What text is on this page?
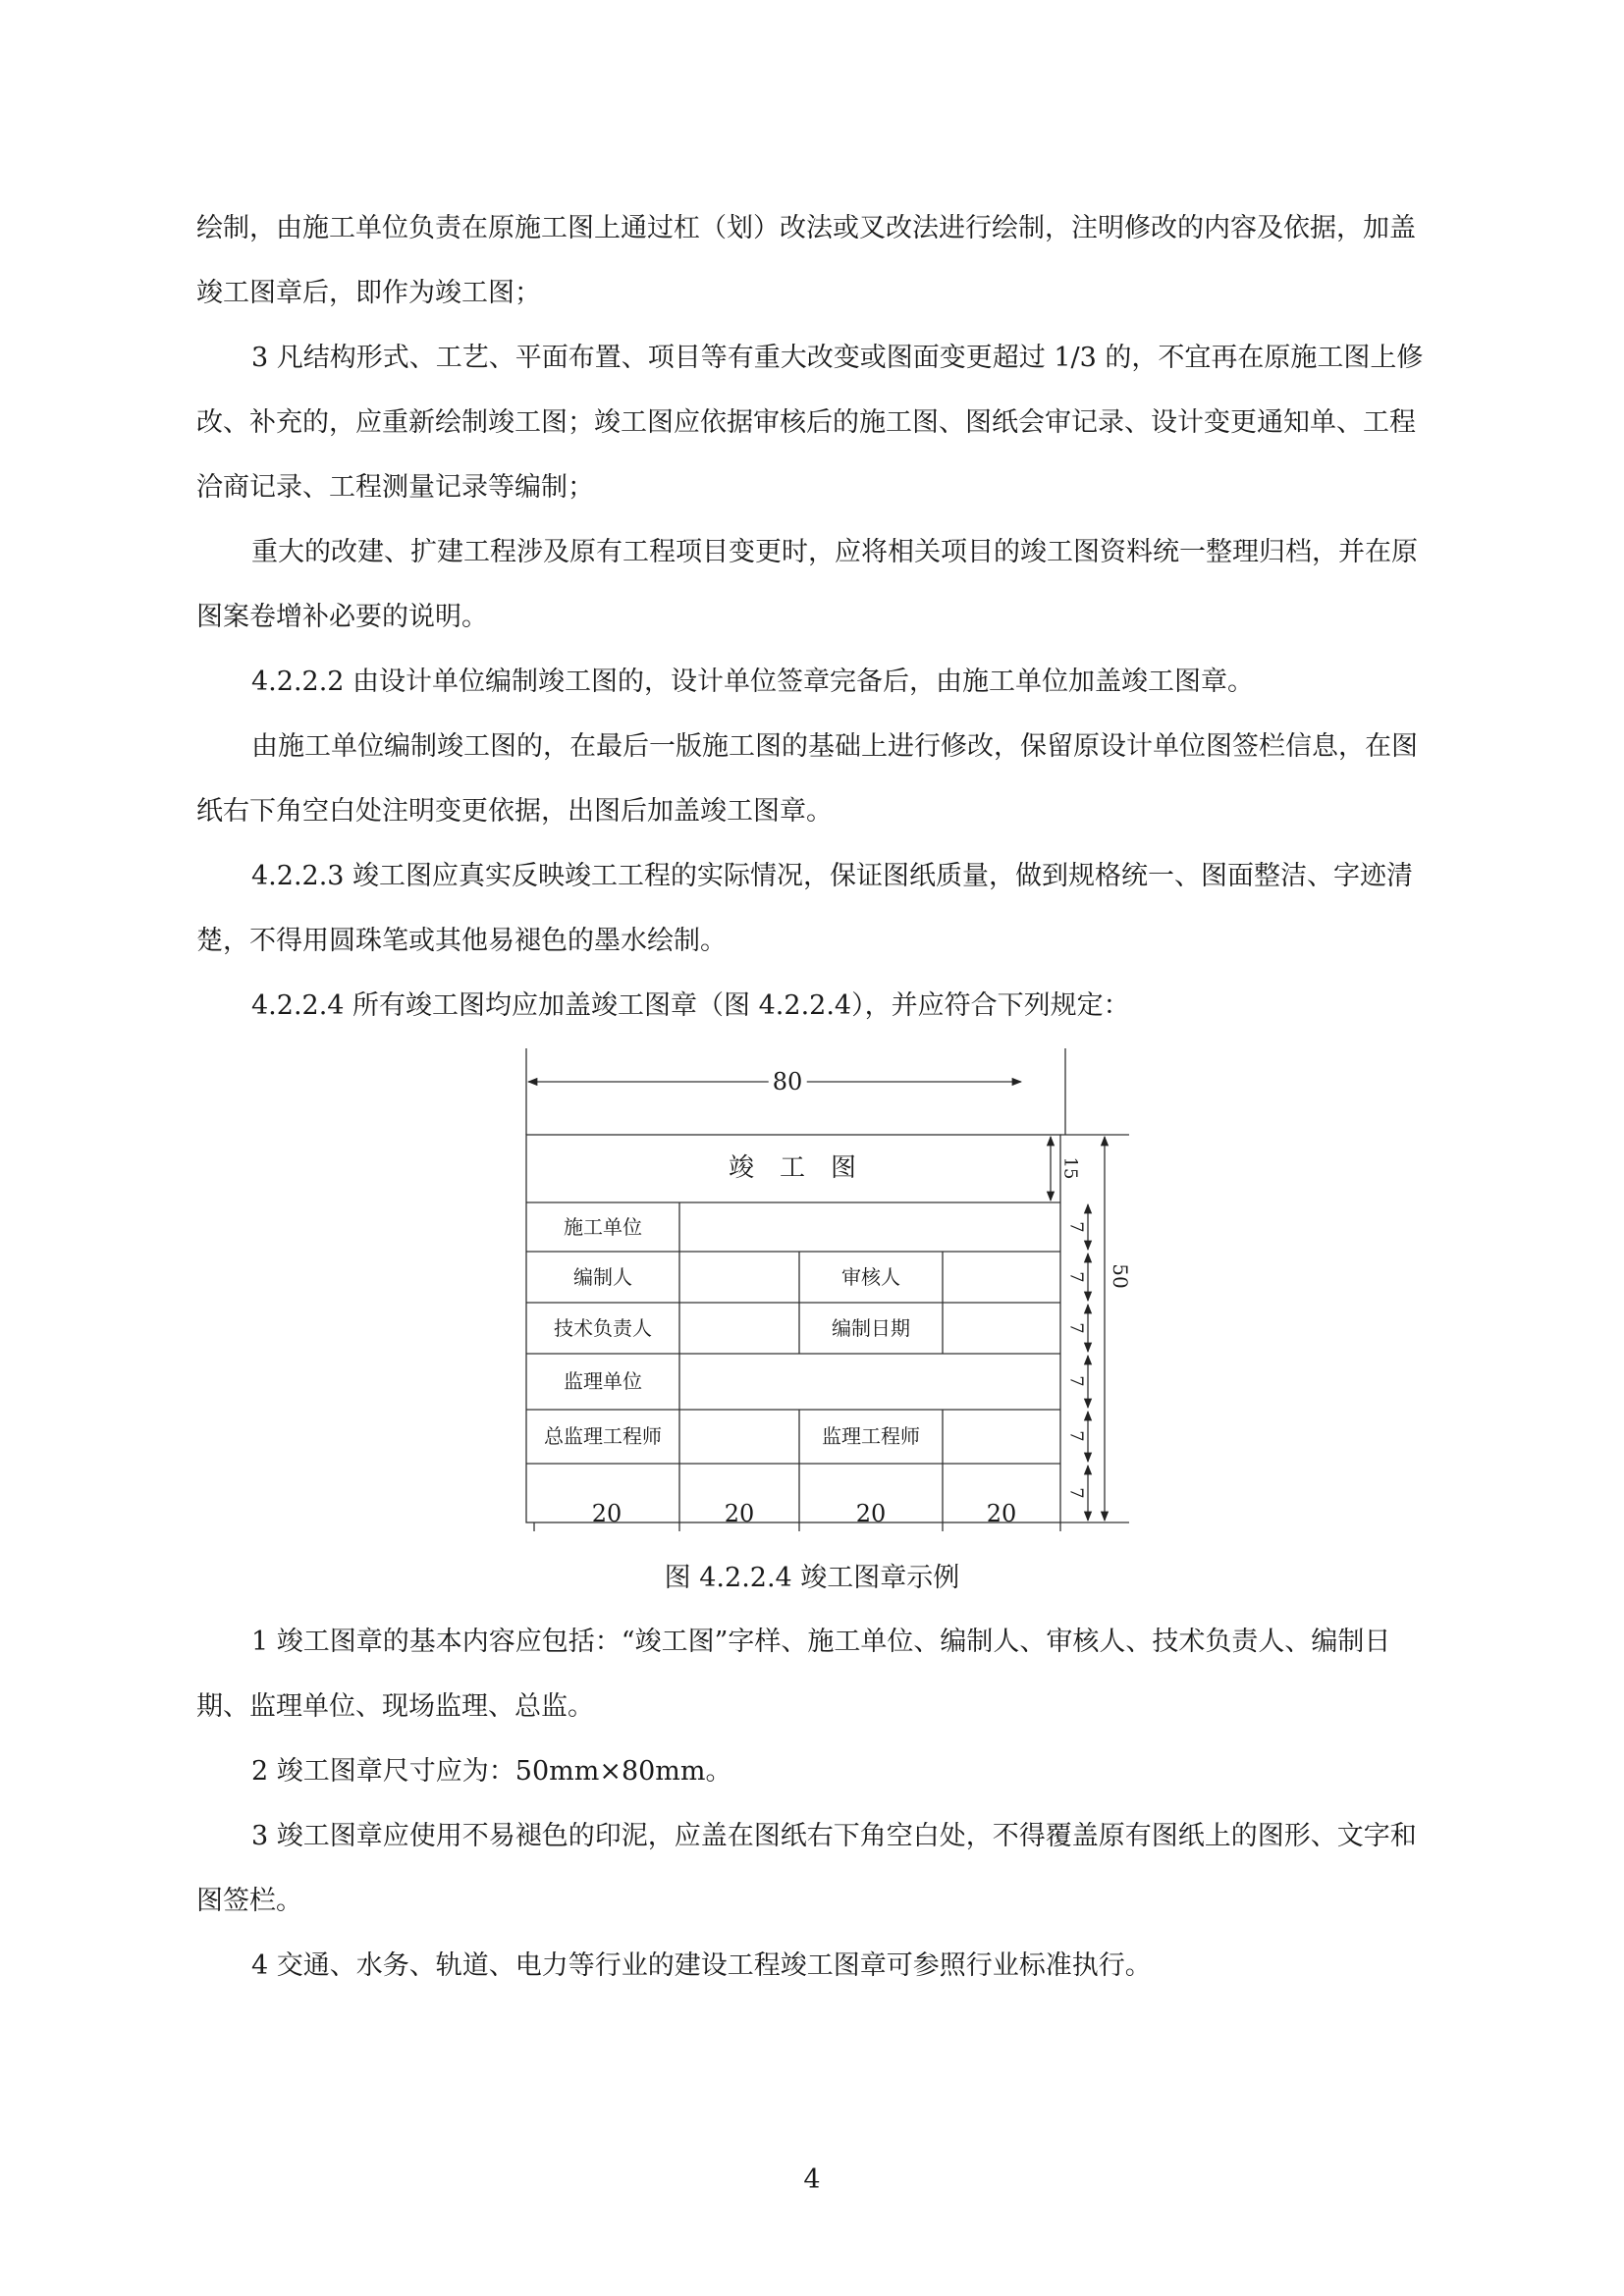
绘制，由施工单位负责在原施工图上通过杠（划）改法或叉改法进行绘制，注明修改的内容及依据，加盖竣工图章后，即作为竣工图；

3 凡结构形式、工艺、平面布置、项目等有重大改变或图面变更超过 1/3 的，不宜再在原施工图上修改、补充的，应重新绘制竣工图；竣工图应依据审核后的施工图、图纸会审记录、设计变更通知单、工程洽商记录、工程测量记录等编制；

重大的改建、扩建工程涉及原有工程项目变更时，应将相关项目的竣工图资料统一整理归档，并在原图案卷增补必要的说明。

4.2.2.2 由设计单位编制竣工图的，设计单位签章完备后，由施工单位加盖竣工图章。

由施工单位编制竣工图的，在最后一版施工图的基础上进行修改，保留原设计单位图签栏信息，在图纸右下角空白处注明变更依据，出图后加盖竣工图章。

4.2.2.3 竣工图应真实反映竣工工程的实际情况，保证图纸质量，做到规格统一、图面整洁、字迹清楚，不得用圆珠笔或其他易褪色的墨水绘制。

4.2.2.4 所有竣工图均应加盖竣工图章（图 4.2.2.4），并应符合下列规定：

80
15
7
7
7
7
7
7
50
20	20	20	20
竣工图
施工单位
编制人	审核人
技术负责人	编制日期
监理单位
总监理工程师	监理工程师
图 4.2.2.4 竣工图章示例

1 竣工图章的基本内容应包括：“竣工图”字样、施工单位、编制人、审核人、技术负责人、编制日期、监理单位、现场监理、总监。

2 竣工图章尺寸应为：50mm×80mm。

3 竣工图章应使用不易褪色的印泥，应盖在图纸右下角空白处，不得覆盖原有图纸上的图形、文字和图签栏。

4 交通、水务、轨道、电力等行业的建设工程竣工图章可参照行业标准执行。

4
